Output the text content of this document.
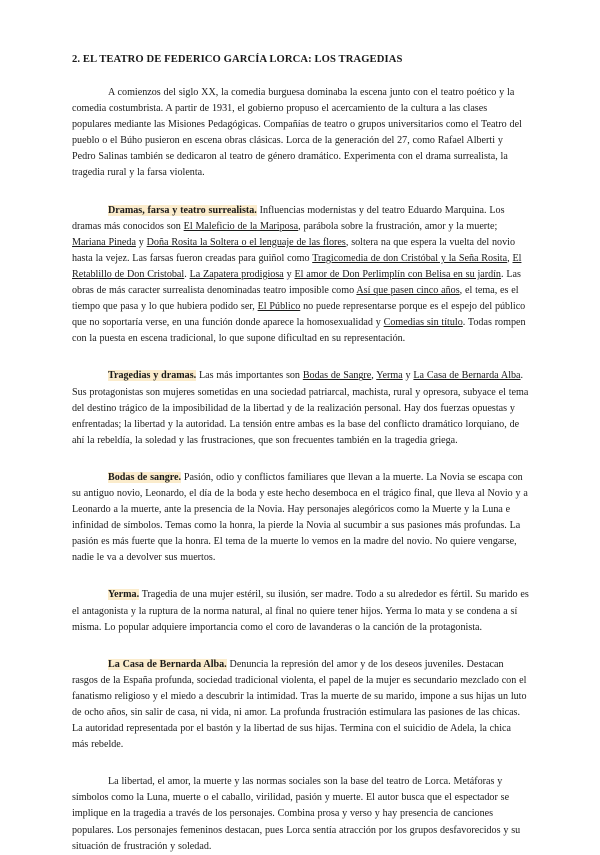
2. EL TEATRO DE FEDERICO GARCÍA LORCA: LOS TRAGEDIAS

A comienzos del siglo XX, la comedia burguesa dominaba la escena junto con el teatro poético y la comedia costumbrista. A partir de 1931, el gobierno propuso el acercamiento de la cultura a las clases populares mediante las Misiones Pedagógicas. Compañías de teatro o grupos universitarios como el Teatro del pueblo o el Búho pusieron en escena obras clásicas. Lorca de la generación del 27, como Rafael Alberti y Pedro Salinas también se dedicaron al teatro de género dramático. Experimenta con el drama surrealista, la tragedia rural y la farsa violenta.

Dramas, farsa y teatro surrealista. Influencias modernistas y del teatro Eduardo Marquina. Los dramas más conocidos son El Maleficio de la Mariposa, parábola sobre la frustración, amor y la muerte; Mariana Pineda y Doña Rosita la Soltera o el lenguaje de las flores, soltera na que espera la vuelta del novio hasta la vejez. Las farsas fueron creadas para guiñol como Tragicomedia de don Cristóbal y la Seña Rosita, El Retablillo de Don Cristobal. La Zapatera prodigiosa y El amor de Don Perlimplín con Belisa en su jardín. Las obras de más caracter surrealista denominadas teatro imposible como Así que pasen cinco años, el tema, es el tiempo que pasa y lo que hubiera podido ser, El Público no puede representarse porque es el espejo del público que no soportaría verse, en una función donde aparece la homosexualidad y Comedias sin título. Todas rompen con la puesta en escena tradicional, lo que supone dificultad en su representación.

Tragedias y dramas. Las más importantes son Bodas de Sangre, Yerma y La Casa de Bernarda Alba. Sus protagonistas son mujeres sometidas en una sociedad patriarcal, machista, rural y opresora, subyace el tema del destino trágico de la imposibilidad de la libertad y de la realización personal. Hay dos fuerzas opuestas y enfrentadas; la libertad y la autoridad. La tensión entre ambas es la base del conflicto dramático lorquiano, de ahí la rebeldía, la soledad y las frustraciones, que son frecuentes también en la tragedia griega.

Bodas de sangre. Pasión, odio y conflictos familiares que llevan a la muerte. La Novia se escapa con su antiguo novio, Leonardo, el día de la boda y este hecho desemboca en el trágico final, que lleva al Novio y a Leonardo a la muerte, ante la presencia de la Novia. Hay personajes alegóricos como la Muerte y la Luna e infinidad de símbolos. Temas como la honra, la pierde la Novia al sucumbir a sus pasiones más profundas. La pasión es más fuerte que la honra. El tema de la muerte lo vemos en la madre del novio. No quiere vengarse, nadie le va a devolver sus muertos.

Yerma. Tragedia de una mujer estéril, su ilusión, ser madre. Todo a su alrededor es fértil. Su marido es el antagonista y la ruptura de la norma natural, al final no quiere tener hijos. Yerma lo mata y se condena a sí misma. Lo popular adquiere importancia como el coro de lavanderas o la canción de la protagonista.

La Casa de Bernarda Alba. Denuncia la represión del amor y de los deseos juveniles. Destacan rasgos de la España profunda, sociedad tradicional violenta, el papel de la mujer es secundario mezclado con el fanatismo religioso y el miedo a descubrir la intimidad. Tras la muerte de su marido, impone a sus hijas un luto de ocho años, sin salir de casa, ni vida, ni amor. La profunda frustración estimulara las pasiones de las chicas. La autoridad representada por el bastón y la libertad de sus hijas. Termina con el suicidio de Adela, la chica más rebelde.

La libertad, el amor, la muerte y las normas sociales son la base del teatro de Lorca. Metáforas y símbolos como la Luna, muerte o el caballo, virilidad, pasión y muerte. El autor busca que el espectador se implique en la tragedia a través de los personajes. Combina prosa y verso y hay presencia de canciones populares. Los personajes femeninos destacan, pues Lorca sentía atracción por los grupos desfavorecidos y su situación de frustración y soledad.
